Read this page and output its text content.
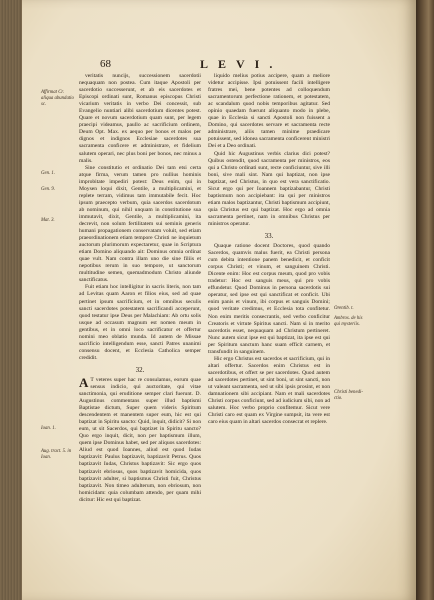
68	LEVI.

veritatis nuncijs, successionem sacerdotii nequaquam non postea. Cum itaque Apostoli per sacerdotio successerunt, et ab eis sacerdotes et Episcopi ordinati sunt, Romanus episcopus Christi vicarium veritatis in verbo Dei concessit, sub Evangelio nuntiari alibi sacerdotium dicentes potest. Quare et novum sacerdotium quam sunt, per legem praecipi videamus, paullo ac sacrificium ordinem, Deum Opt. Max. ex aequo per bonos et malos per dignos et indignos Ecclesiae sacerdotes sua sacramenta conficere et administrare, et fidelium salutem operari, nec plus boni per bonos, nec minus a malis.

Sine constitutio et ordinatio Dei tam etsi certa atque firma, verum tamen pro nullius hominis improbitate impediri potest: Deus enim, qui in Moysen loqui dixit, Gentile, a multiplicamini, et replete terram, vidimus tam immutabile fecit. Hoc ipsum praecepto verbum, quia sacerdos sacerdotum ab nominum, qui nihil unquam in constitutione sua immutavit, dixit, Gentile, a multiplicamini, ita decrevit, non solum fertilitatem sui seminis generis humani propagationem conservatam voluit, sed etiam praeordinationem etiam tempore Christi ne inquietum auctorum plurimorum expectaretur, quae in Scriptura etiam Domino aliquando ait: Dominus omnia ordinat quae vult. Nam contra illam uno die sine filiis et nepotibus rerum in suo tempore, ut sanctorum multitudine semen, quemadmodum Christo aliunde sanctificatus.

Fuit etiam hoc intelligitur in sacris literis, non tam ad Levitas quam Aaron et filios eius, sed ad quae pertinet ipsum sacrificium, et in omnibus seculis sancti sacerdotes potestatem sacrificandi acceperunt, quod testatur ipse Deus per Malachiam: Ab ortu solis usque ad occasum magnum est nomen meum in gentibus, et in omni loco sacrificatur et offertur nomini meo oblatio munda. Id autem de Missae sacrificio intelligendum esse, sancti Patres unanimi consensu docent, et Ecclesia Catholica semper credidit.

32.

A T veteres super hac re consulamus, eorum quae sensus indicio, qui auctoritate, qui vitae sanctimonia, qui eruditione semper clari fuerunt. D. Augustinus commentans super illud baptismi Baptistae dictum, Super quem videris Spiritum descendentem et manentem super eum, hic est qui baptizat in Spiritu sancto: Quid, inquit, didicit? Si non eum, ut sit Sacerdos, qui baptizet in Spiritu sancto? Quo ergo inquit, dicit, non per baptismum illum, quem ipse Dominus habet, sed per aliquos sacerdotes: Aliud est quod Ioannes, aliud est quod Iudas baptizavit: Paulus baptizavit, baptizavit Petrus. Quos baptizavit Iudas, Christus baptizavit: Sic ergo quos baptizavit ebriosus, quos baptizavit homicida, quos baptizavit adulter, si baptismus Christi fuit, Christus baptizavit. Non timeo adulterum, non ebriosum, non homicidam: quia columbam attendo, per quam mihi dicitur: Hic est qui baptizat.

liquido melius potius accipere, quam a meliore videtur accipisse. Ipsi potuissent facili intelligere fratres mei, bene potentes ad colloquendum sacramentorum perfectione rationem, et potestatem, ac scandalum quod nobis temporibus agitatur. Sed opinio quaedam fuerunt aliquanto modo in plebe, quae in Ecclesia si sancti Apostoli non fuissent a Domino, qui sacerdotes servare et sacramenta recte administrare, aliis tamen minime praedicare potuissent, sed idonea sacramenta conficerent ministri Dei et a Deo ordinati.

Quid hic Augustinus verbis clarius dici potest? Quibus ostendit, quod sacramenta per ministros, eos qui a Christo ordinati sunt, recte conficiuntur, sive illi boni, sive mali sint. Nam qui baptizat, non ipse baptizat, sed Christus, in quo est vera sanctificatio. Sicut ergo qui per Ioannem baptizabantur, Christi baptismum non accipiebant: ita qui per ministros etiam malos baptizantur, Christi baptismum accipiunt, quia Christus est qui baptizat. Hoc ergo ad omnia sacramenta pertinet, nam in omnibus Christus per ministros operatur.

33.

Quaque ratione docent Doctores, quod quando Sacerdos, quamvis malus fuerit, ea Christi persona cum debita intentione panem benedicit, et conficit corpus Christi; et vinum, et sanguinem Christi. Dicente enim: Hoc est corpus meum, quod pro vobis tradetur: Hoc est sanguis meus, qui pro vobis effundetur. Quod Dominus in persona sacerdotis sui operatur, sed ipse est qui sanctificat et conficit. Ubi enim panis et vinum, ibi corpus et sanguis Domini; quod veritate credimus, et Ecclesia tota confitetur. Non enim meritis consecrantis, sed verbo conficitur Creatoris et virtute Spiritus sancti. Nam si in merito sacerdotis esset, nequaquam ad Christum pertineret. Nunc autem sicut ipse est qui baptizat, ita ipse est qui per Spiritum sanctum hanc suam efficit carnem, et transfundit in sanguinem.

Hic ergo Christus est sacerdos et sacrificium, qui in altari offertur. Sacerdos enim Christus est in sacerdotibus, et offert se per sacerdotes. Quod autem ad sacerdotes pertinet, ut sint boni, ut sint sancti, non ut valeant sacramenta, sed ut sibi ipsis prosint, et non damnationem sibi accipiant. Nam et mali sacerdotes Christi corpus conficiunt, sed ad iudicium sibi, non ad salutem. Hoc verbo proprio confitemur. Sicut vere Christi caro est quam ex Virgine sumpsit, ita vere est caro eius quam in altari sacerdos consecrat et replere.

Affirmat Cr. aliqua abundatio sc.
Gen. 1.
Gen. 9.
Mat. 3.
Ioan. 1.
Aug. tract. 5. in Ioan.
Orentib. t.
Ambros. de his qui mysteriis.
Christi benedi-ctio.
